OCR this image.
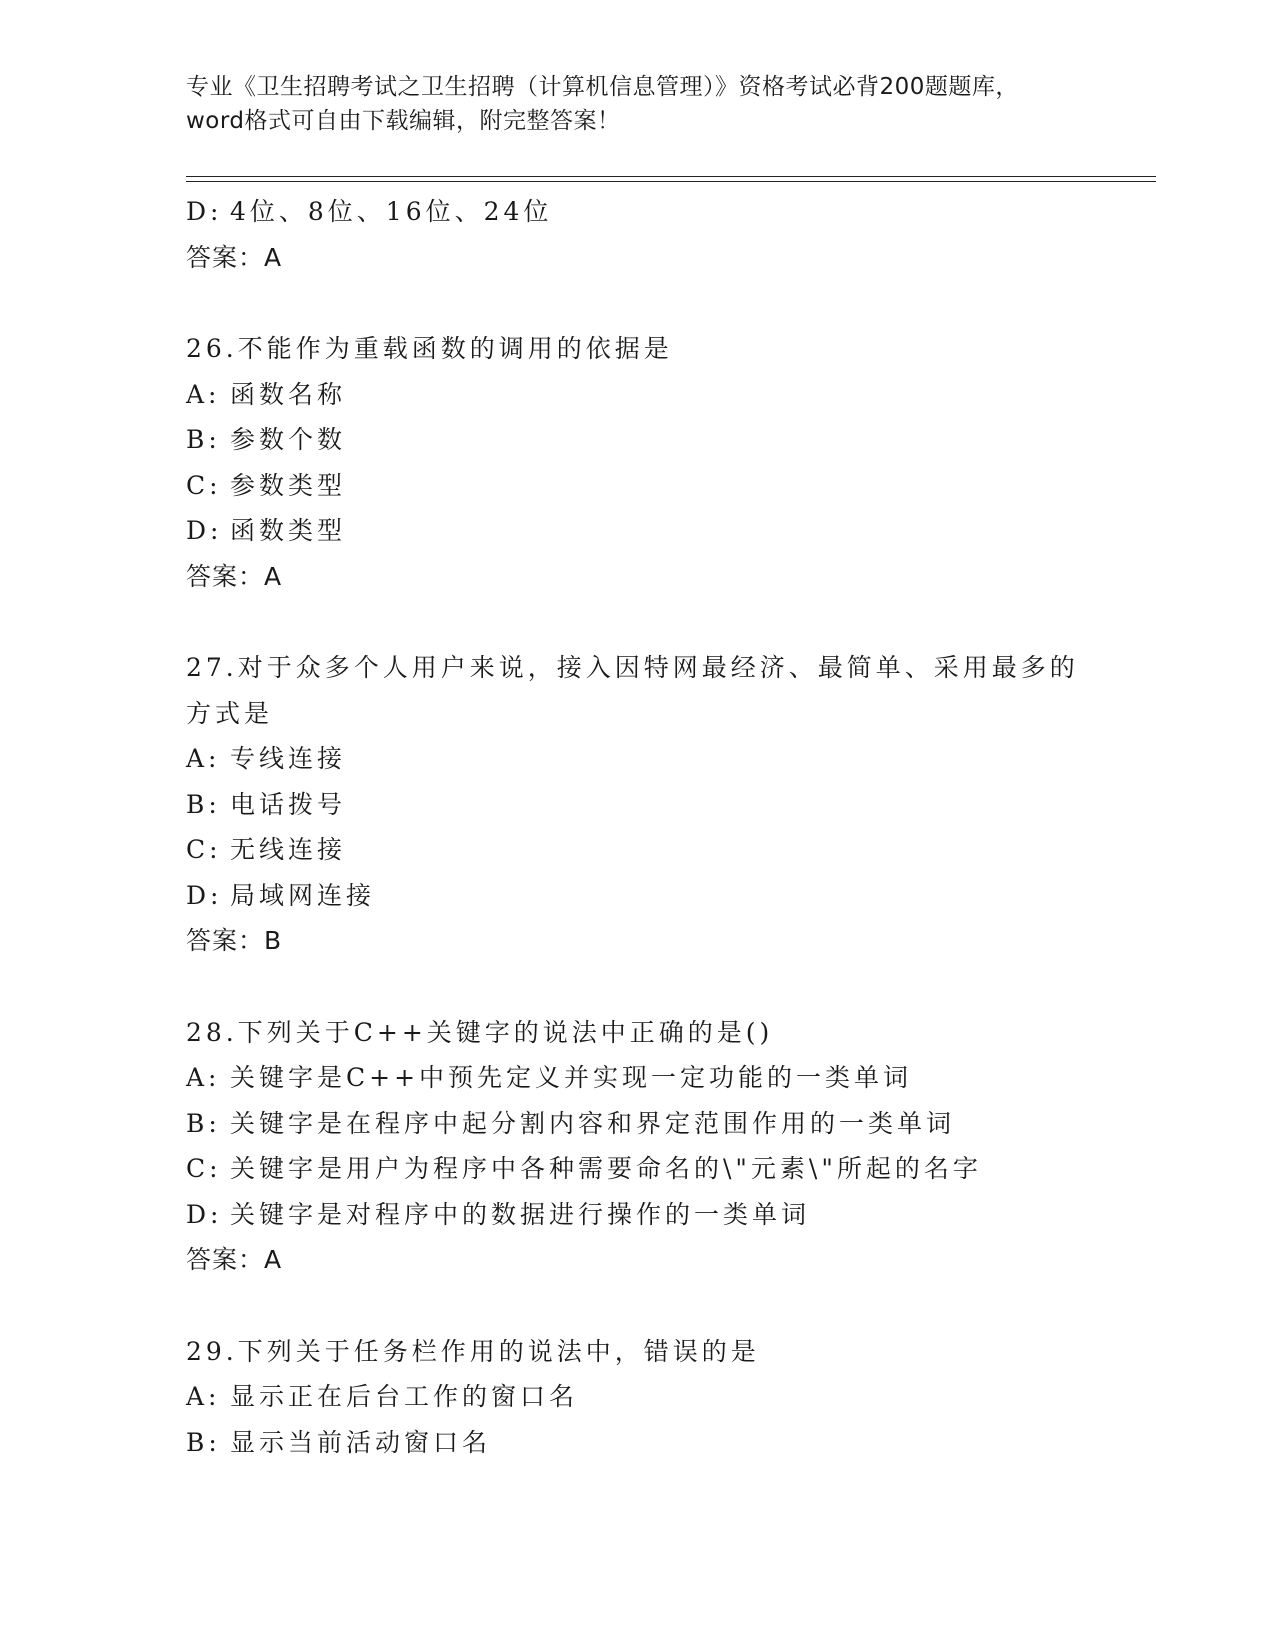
专业《卫生招聘考试之卫生招聘（计算机信息管理）》资格考试必背200题题库，
word格式可自由下载编辑，附完整答案！
D: 4位、8位、16位、24位
答案：A
26.不能作为重载函数的调用的依据是
A: 函数名称
B: 参数个数
C: 参数类型
D: 函数类型
答案：A
27.对于众多个人用户来说，接入因特网最经济、最简单、采用最多的
方式是
A: 专线连接
B: 电话拨号
C: 无线连接
D: 局域网连接
答案：B
28.下列关于C++关键字的说法中正确的是()
A: 关键字是C++中预先定义并实现一定功能的一类单词
B: 关键字是在程序中起分割内容和界定范围作用的一类单词
C: 关键字是用户为程序中各种需要命名的\"元素\"所起的名字
D: 关键字是对程序中的数据进行操作的一类单词
答案：A
29.下列关于任务栏作用的说法中，错误的是
A: 显示正在后台工作的窗口名
B: 显示当前活动窗口名
